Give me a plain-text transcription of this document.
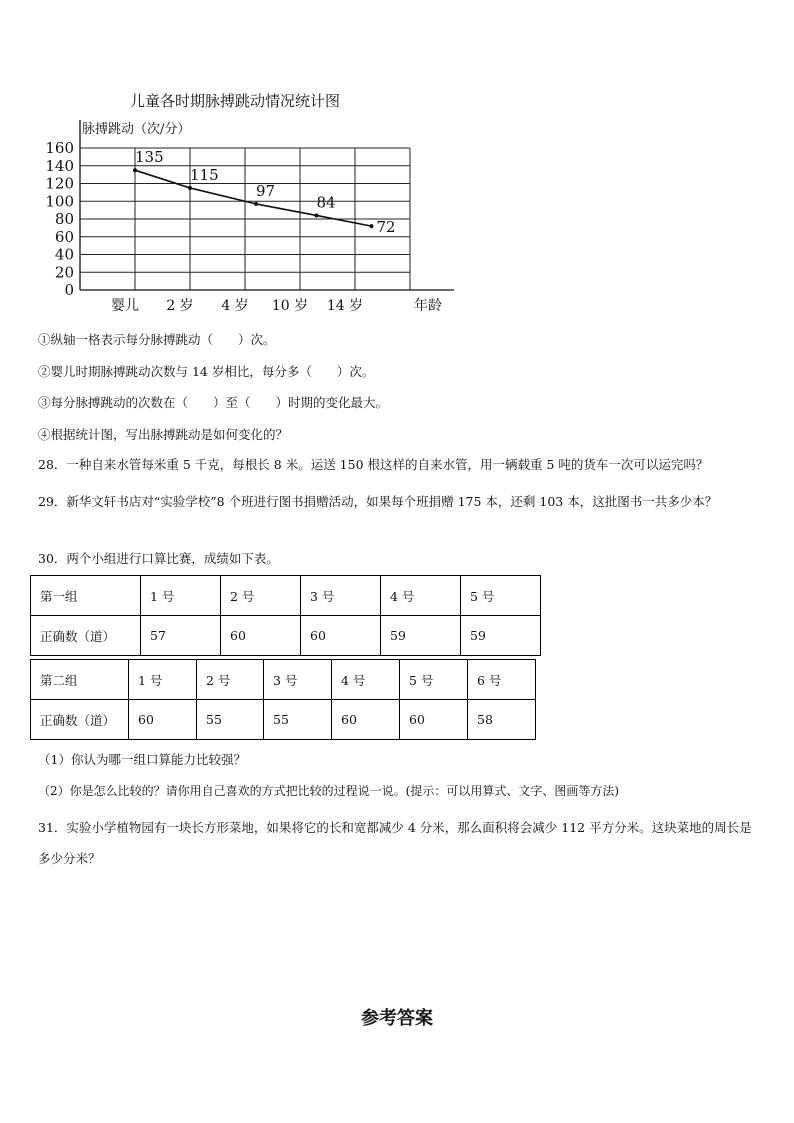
儿童各时期脉搏跳动情况统计图
脉搏跳动（次/分）
0
20
40
60
80
100
120
140
160
婴儿 2 岁 4 岁 10 岁 14 岁
135
115
97
84
72
年龄
①纵轴一格表示每分脉搏跳动（　　）次。
②婴儿时期脉搏跳动次数与 14 岁相比，每分多（　　）次。
③每分脉搏跳动的次数在（　　）至（　　）时期的变化最大。
④根据统计图，写出脉搏跳动是如何变化的？
28．一种自来水管每米重 5 千克，每根长 8 米。运送 150 根这样的自来水管，用一辆载重 5 吨的货车一次可以运完吗？
29．新华文轩书店对“实验学校”8 个班进行图书捐赠活动，如果每个班捐赠 175 本，还剩 103 本，这批图书一共多少本？
30．两个小组进行口算比赛，成绩如下表。
第一组	1 号	2 号	3 号	4 号	5 号
正确数（道）	57	60	60	59	59
第二组	1 号	2 号	3 号	4 号	5 号	6 号
正确数（道）	60	55	55	60	60	58
（1）你认为哪一组口算能力比较强？
（2）你是怎么比较的？请你用自己喜欢的方式把比较的过程说一说。(提示：可以用算式、文字、图画等方法)
31．实验小学植物园有一块长方形菜地，如果将它的长和宽都减少 4 分米，那么面积将会减少 112 平方分米。这块菜地的周长是多少分米？
参考答案
